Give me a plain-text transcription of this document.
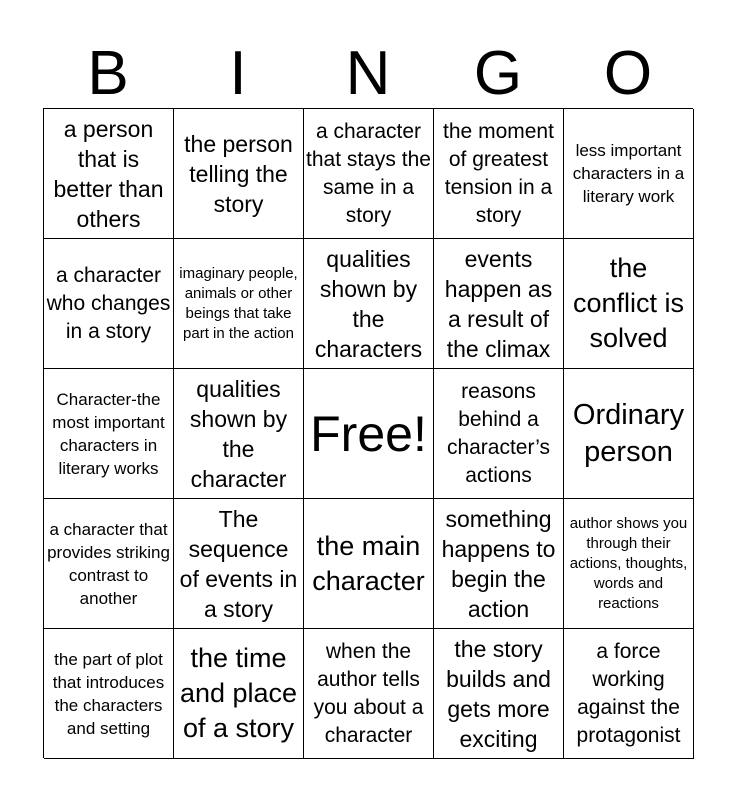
B	I	N	G	O
a person that is better than others
the person telling the story
a character that stays the same in a story
the moment of greatest tension in a story
less important characters in a literary work
a character who changes in a story
imaginary people, animals or other beings that take part in the action
qualities shown by the characters
events happen as a result of the climax
the conflict is solved
Character-the most important characters in literary works
qualities shown by the character
Free!
reasons behind a character’s actions
Ordinary person
a character that provides striking contrast to another
The sequence of events in a story
the main character
something happens to begin the action
author shows you through their actions, thoughts, words and reactions
the part of plot that introduces the characters and setting
the time and place of a story
when the author tells you about a character
the story builds and gets more exciting
a force working against the protagonist
